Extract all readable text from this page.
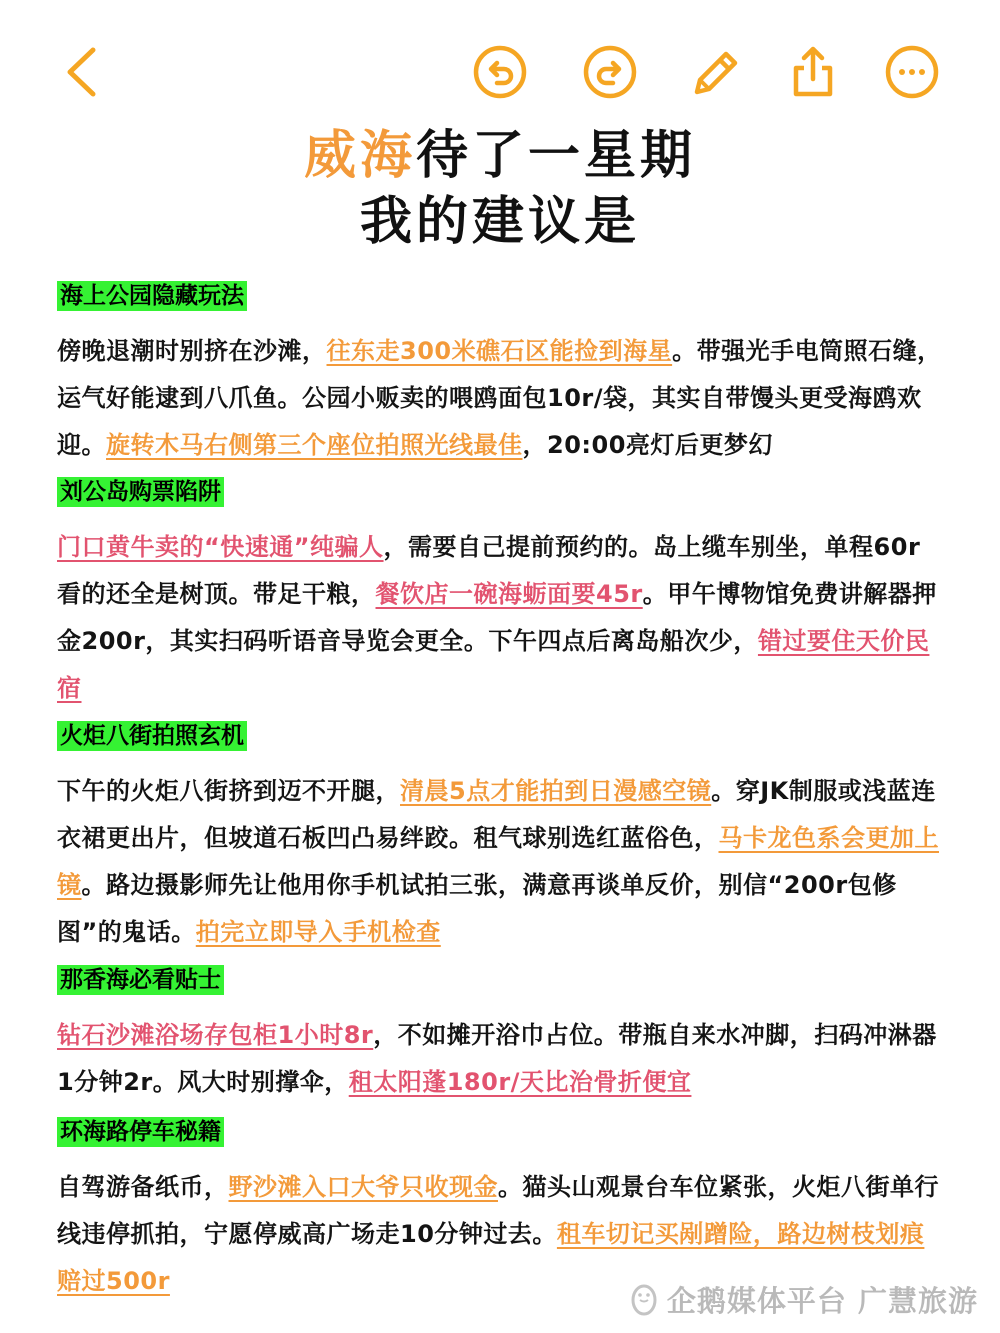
威海待了一星期
我的建议是
海上公园隐藏玩法
傍晚退潮时别挤在沙滩，往东走300米礁石区能捡到海星。带强光手电筒照石缝，运气好能逮到八爪鱼。公园小贩卖的喂鸥面包10r/袋，其实自带馒头更受海鸥欢迎。旋转木马右侧第三个座位拍照光线最佳，20:00亮灯后更梦幻
刘公岛购票陷阱
门口黄牛卖的“快速通”纯骗人，需要自己提前预约的。岛上缆车别坐，单程60r看的还全是树顶。带足干粮，餐饮店一碗海蛎面要45r。甲午博物馆免费讲解器押金200r，其实扫码听语音导览会更全。下午四点后离岛船次少，错过要住天价民宿
火炬八街拍照玄机
下午的火炬八街挤到迈不开腿，清晨5点才能拍到日漫感空镜。穿JK制服或浅蓝连衣裙更出片，但坡道石板凹凸易绊跤。租气球别选红蓝俗色，马卡龙色系会更加上镜。路边摄影师先让他用你手机试拍三张，满意再谈单反价，别信“200r包修图”的鬼话。拍完立即导入手机检查
那香海必看贴士
钻石沙滩浴场存包柜1小时8r，不如摊开浴巾占位。带瓶自来水冲脚，扫码冲淋器1分钟2r。风大时别撑伞，租太阳蓬180r/天比治骨折便宜
环海路停车秘籍
自驾游备纸币，野沙滩入口大爷只收现金。猫头山观景台车位紧张，火炬八街单行线违停抓拍，宁愿停威高广场走10分钟过去。租车切记买剐蹭险，路边树枝划痕赔过500r
企鹅媒体平台 广慧旅游
